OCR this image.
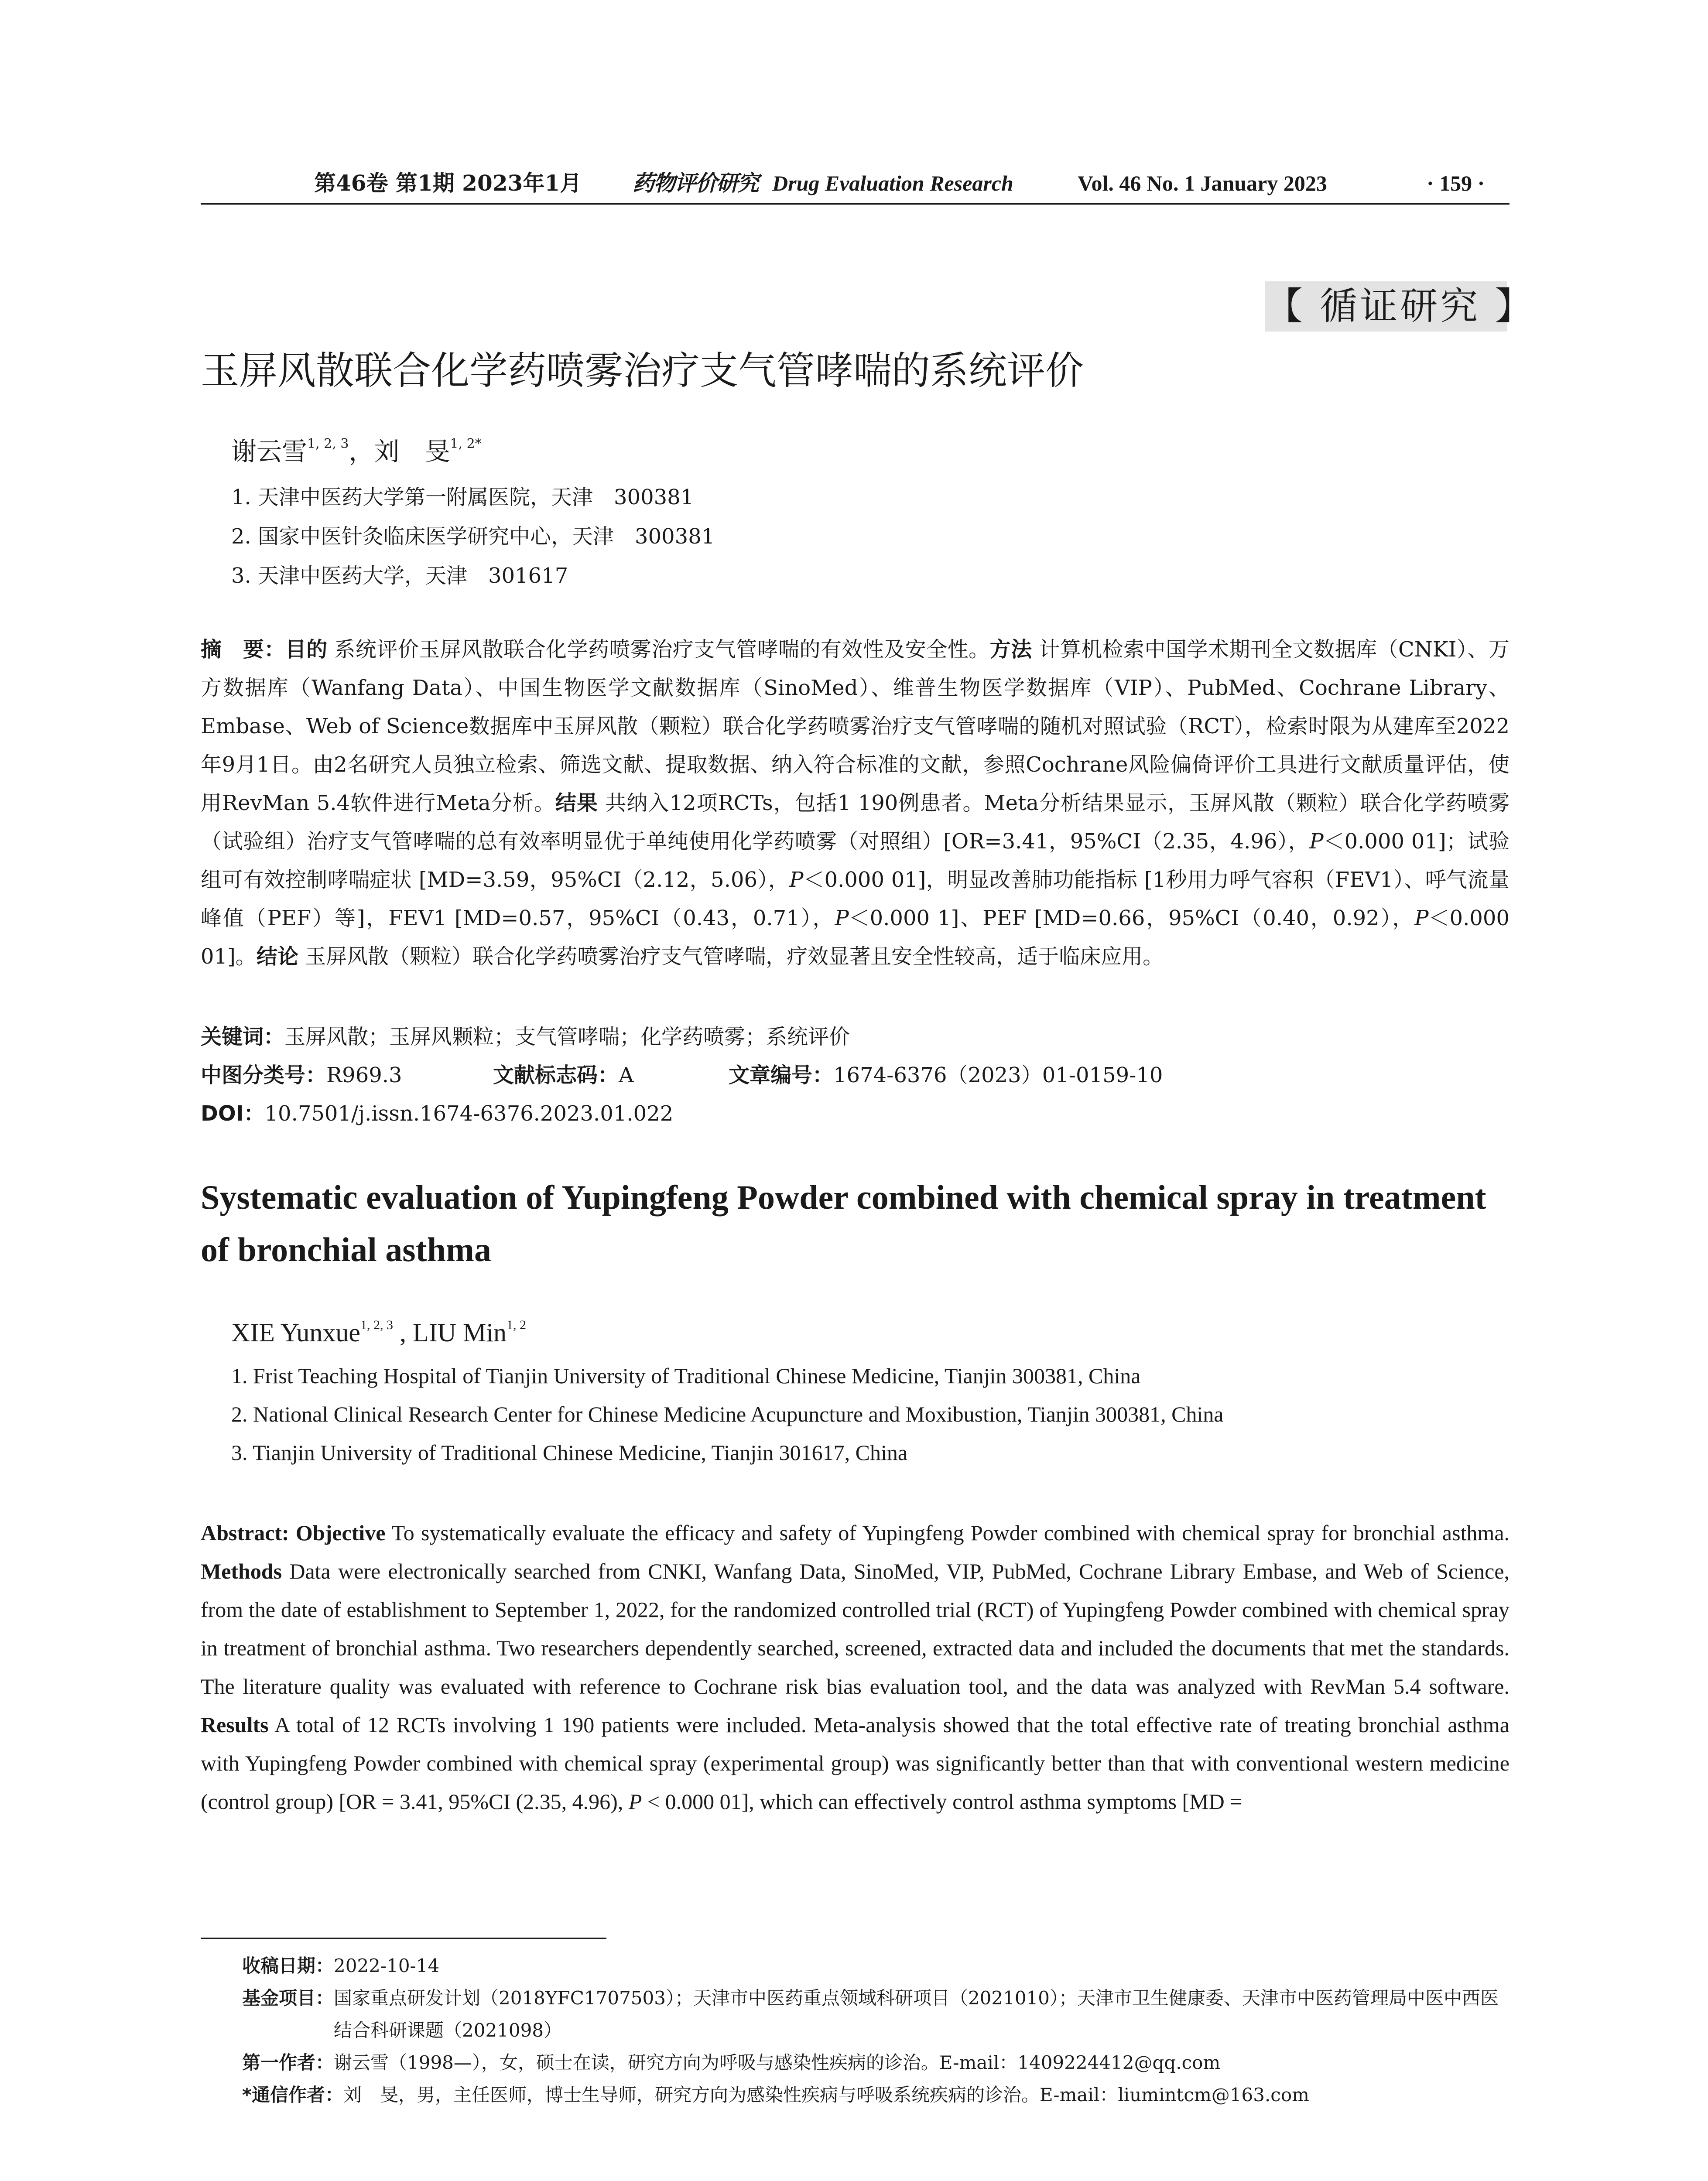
第46卷 第1期 2023年1月 药物评价研究 Drug Evaluation Research	Vol. 46 No. 1 January 2023	· 159 ·
【 循证研究 】
玉屏风散联合化学药喷雾治疗支气管哮喘的系统评价
谢云雪$^{1, 2, 3}$，刘　旻$^{1, 2*}$
1. 天津中医药大学第一附属医院，天津　300381
2. 国家中医针灸临床医学研究中心，天津　300381
3. 天津中医药大学，天津　301617
摘　要：目的 系统评价玉屏风散联合化学药喷雾治疗支气管哮喘的有效性及安全性。方法 计算机检索中国学术期刊全文数据库（CNKI）、万方数据库（Wanfang Data）、中国生物医学文献数据库（SinoMed）、维普生物医学数据库（VIP）、PubMed、Cochrane Library、Embase、Web of Science数据库中玉屏风散（颗粒）联合化学药喷雾治疗支气管哮喘的随机对照试验（RCT），检索时限为从建库至2022年9月1日。由2名研究人员独立检索、筛选文献、提取数据、纳入符合标准的文献，参照Cochrane风险偏倚评价工具进行文献质量评估，使用RevMan 5.4软件进行Meta分析。结果 共纳入12项RCTs，包括1 190例患者。Meta分析结果显示，玉屏风散（颗粒）联合化学药喷雾（试验组）治疗支气管哮喘的总有效率明显优于单纯使用化学药喷雾（对照组）[OR=3.41，95%CI（2.35，4.96），P＜0.000 01]；试验组可有效控制哮喘症状 [MD=3.59，95%CI（2.12，5.06），P＜0.000 01]，明显改善肺功能指标 [1秒用力呼气容积（FEV1）、呼气流量峰值（PEF）等]，FEV1 [MD=0.57，95%CI（0.43，0.71），P＜0.000 1]、PEF [MD=0.66，95%CI（0.40，0.92），P＜0.000 01]。结论 玉屏风散（颗粒）联合化学药喷雾治疗支气管哮喘，疗效显著且安全性较高，适于临床应用。
关键词：玉屏风散；玉屏风颗粒；支气管哮喘；化学药喷雾；系统评价
中图分类号：R969.3	文献标志码：A	文章编号：1674-6376（2023）01-0159-10
DOI：10.7501/j.issn.1674-6376.2023.01.022
Systematic evaluation of Yupingfeng Powder combined with chemical spray in treatment of bronchial asthma
XIE Yunxue$^{1, 2, 3}$ , LIU Min$^{1, 2}$
1. Frist Teaching Hospital of Tianjin University of Traditional Chinese Medicine, Tianjin 300381, China
2. National Clinical Research Center for Chinese Medicine Acupuncture and Moxibustion, Tianjin 300381, China
3. Tianjin University of Traditional Chinese Medicine, Tianjin 301617, China
Abstract: Objective To systematically evaluate the efficacy and safety of Yupingfeng Powder combined with chemical spray for bronchial asthma. Methods Data were electronically searched from CNKI, Wanfang Data, SinoMed, VIP, PubMed, Cochrane Library Embase, and Web of Science, from the date of establishment to September 1, 2022, for the randomized controlled trial (RCT) of Yupingfeng Powder combined with chemical spray in treatment of bronchial asthma. Two researchers dependently searched, screened, extracted data and included the documents that met the standards. The literature quality was evaluated with reference to Cochrane risk bias evaluation tool, and the data was analyzed with RevMan 5.4 software. Results A total of 12 RCTs involving 1 190 patients were included. Meta-analysis showed that the total effective rate of treating bronchial asthma with Yupingfeng Powder combined with chemical spray (experimental group) was significantly better than that with conventional western medicine (control group) [OR = 3.41, 95%CI (2.35, 4.96), P < 0.000 01], which can effectively control asthma symptoms [MD =
收稿日期： 2022-10-14
基金项目： 国家重点研发计划（2018YFC1707503）；天津市中医药重点领域科研项目（2021010）；天津市卫生健康委、天津市中医药管理局中医中西医结合科研课题（2021098）
第一作者： 谢云雪（1998—），女，硕士在读，研究方向为呼吸与感染性疾病的诊治。E-mail：1409224412@qq.com
*通信作者： 刘　旻，男，主任医师，博士生导师，研究方向为感染性疾病与呼吸系统疾病的诊治。E-mail：liumintcm@163.com
